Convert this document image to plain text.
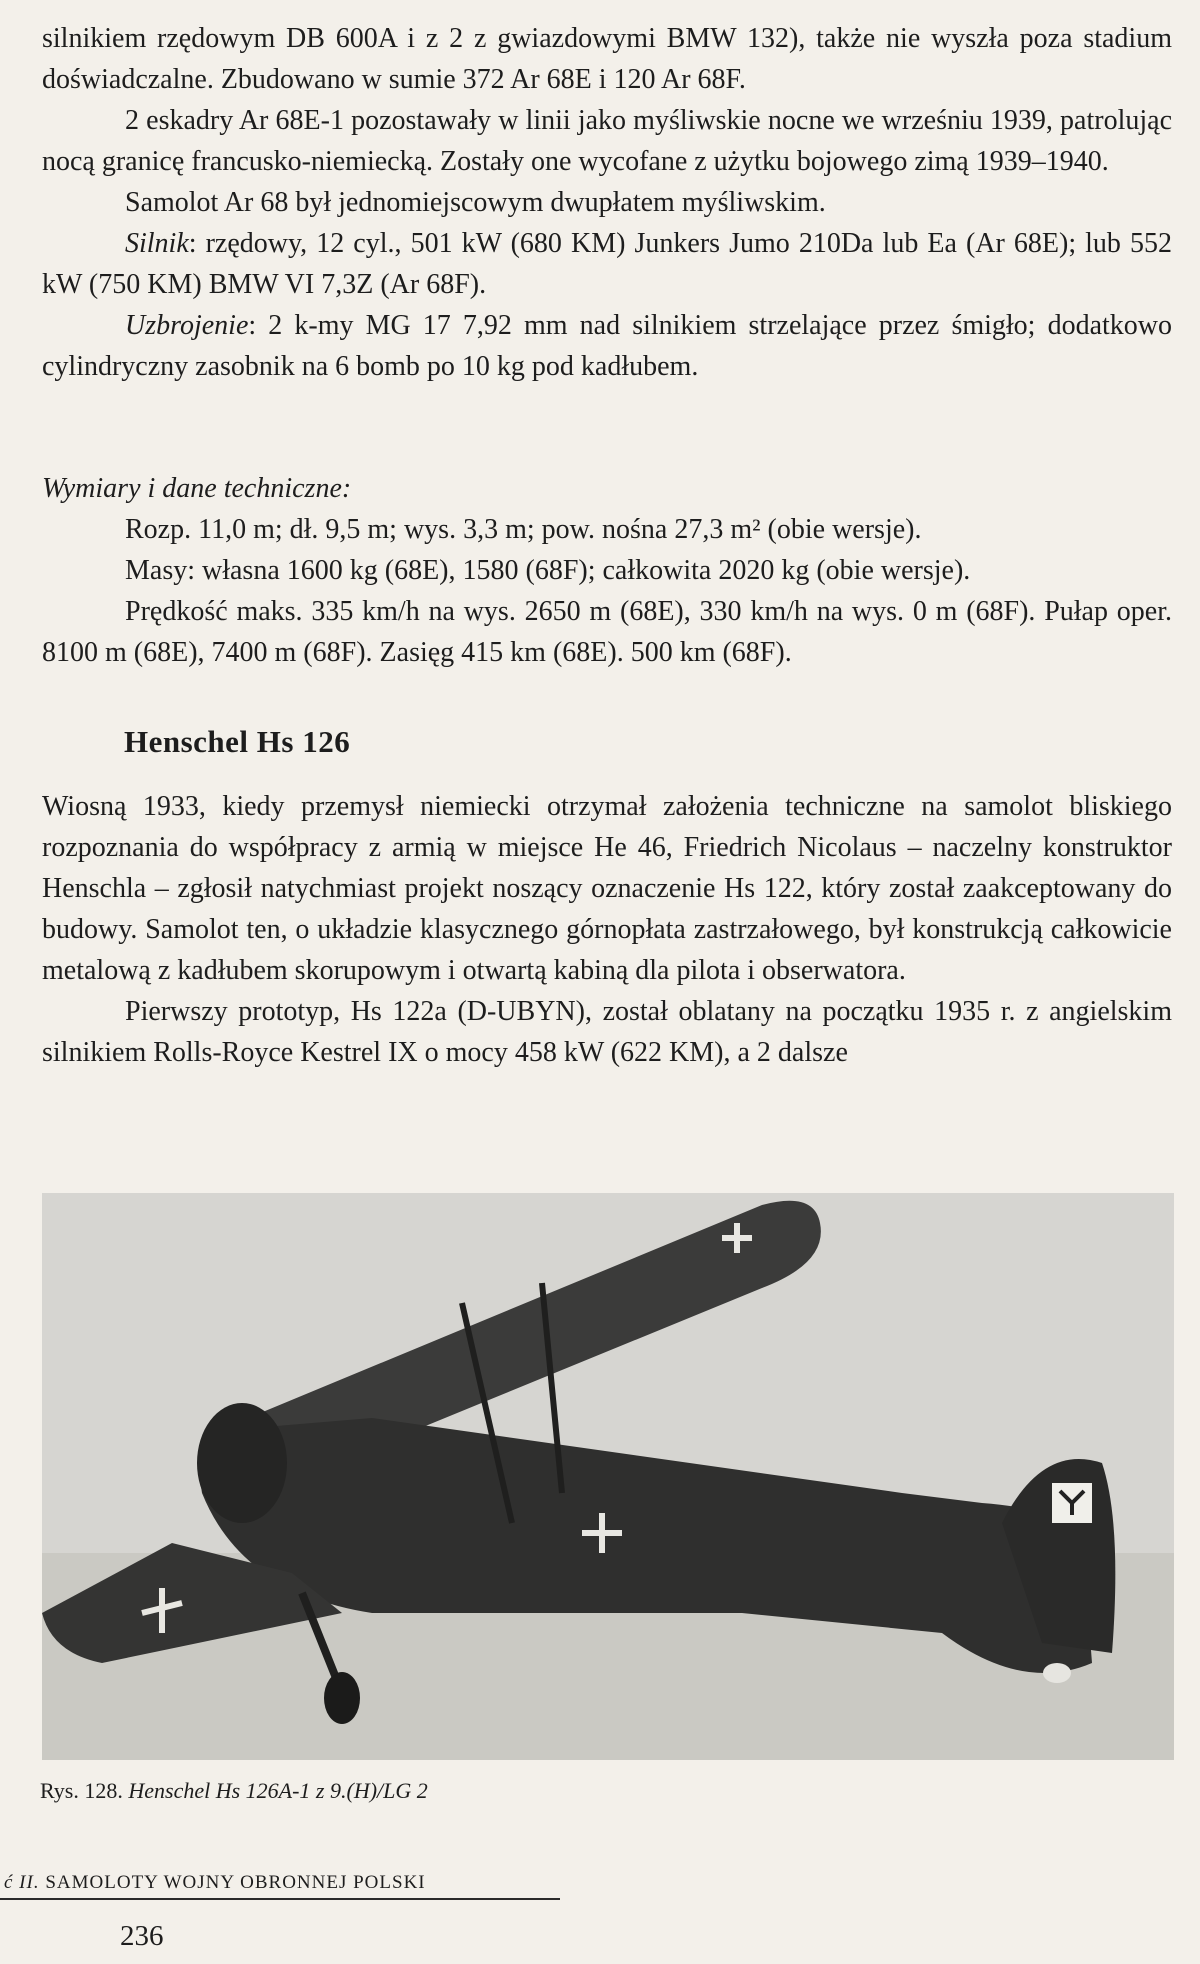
silnikiem rzędowym DB 600A i z 2 z gwiazdowymi BMW 132), także nie wyszła poza stadium doświadczalne. Zbudowano w sumie 372 Ar 68E i 120 Ar 68F.

2 eskadry Ar 68E-1 pozostawały w linii jako myśliwskie nocne we wrześniu 1939, patrolując nocą granicę francusko-niemiecką. Zostały one wycofane z użytku bojowego zimą 1939–1940.

Samolot Ar 68 był jednomiejscowym dwupłatem myśliwskim.

Silnik: rzędowy, 12 cyl., 501 kW (680 KM) Junkers Jumo 210Da lub Ea (Ar 68E); lub 552 kW (750 KM) BMW VI 7,3Z (Ar 68F).

Uzbrojenie: 2 k-my MG 17 7,92 mm nad silnikiem strzelające przez śmigło; dodatkowo cylindryczny zasobnik na 6 bomb po 10 kg pod kadłubem.

Wymiary i dane techniczne:

Rozp. 11,0 m; dł. 9,5 m; wys. 3,3 m; pow. nośna 27,3 m² (obie wersje).

Masy: własna 1600 kg (68E), 1580 (68F); całkowita 2020 kg (obie wersje).

Prędkość maks. 335 km/h na wys. 2650 m (68E), 330 km/h na wys. 0 m (68F). Pułap oper. 8100 m (68E), 7400 m (68F). Zasięg 415 km (68E). 500 km (68F).

Henschel Hs 126

Wiosną 1933, kiedy przemysł niemiecki otrzymał założenia techniczne na samolot bliskiego rozpoznania do współpracy z armią w miejsce He 46, Friedrich Nicolaus – naczelny konstruktor Henschla – zgłosił natychmiast projekt noszący oznaczenie Hs 122, który został zaakceptowany do budowy. Samolot ten, o układzie klasycznego górnopłata zastrzałowego, był konstrukcją całkowicie metalową z kadłubem skorupowym i otwartą kabiną dla pilota i obserwatora.

Pierwszy prototyp, Hs 122a (D-UBYN), został oblatany na początku 1935 r. z angielskim silnikiem Rolls-Royce Kestrel IX o mocy 458 kW (622 KM), a 2 dalsze

Rys. 128. Henschel Hs 126A-1 z 9.(H)/LG 2
ć II. SAMOLOTY WOJNY OBRONNEJ POLSKI
236
